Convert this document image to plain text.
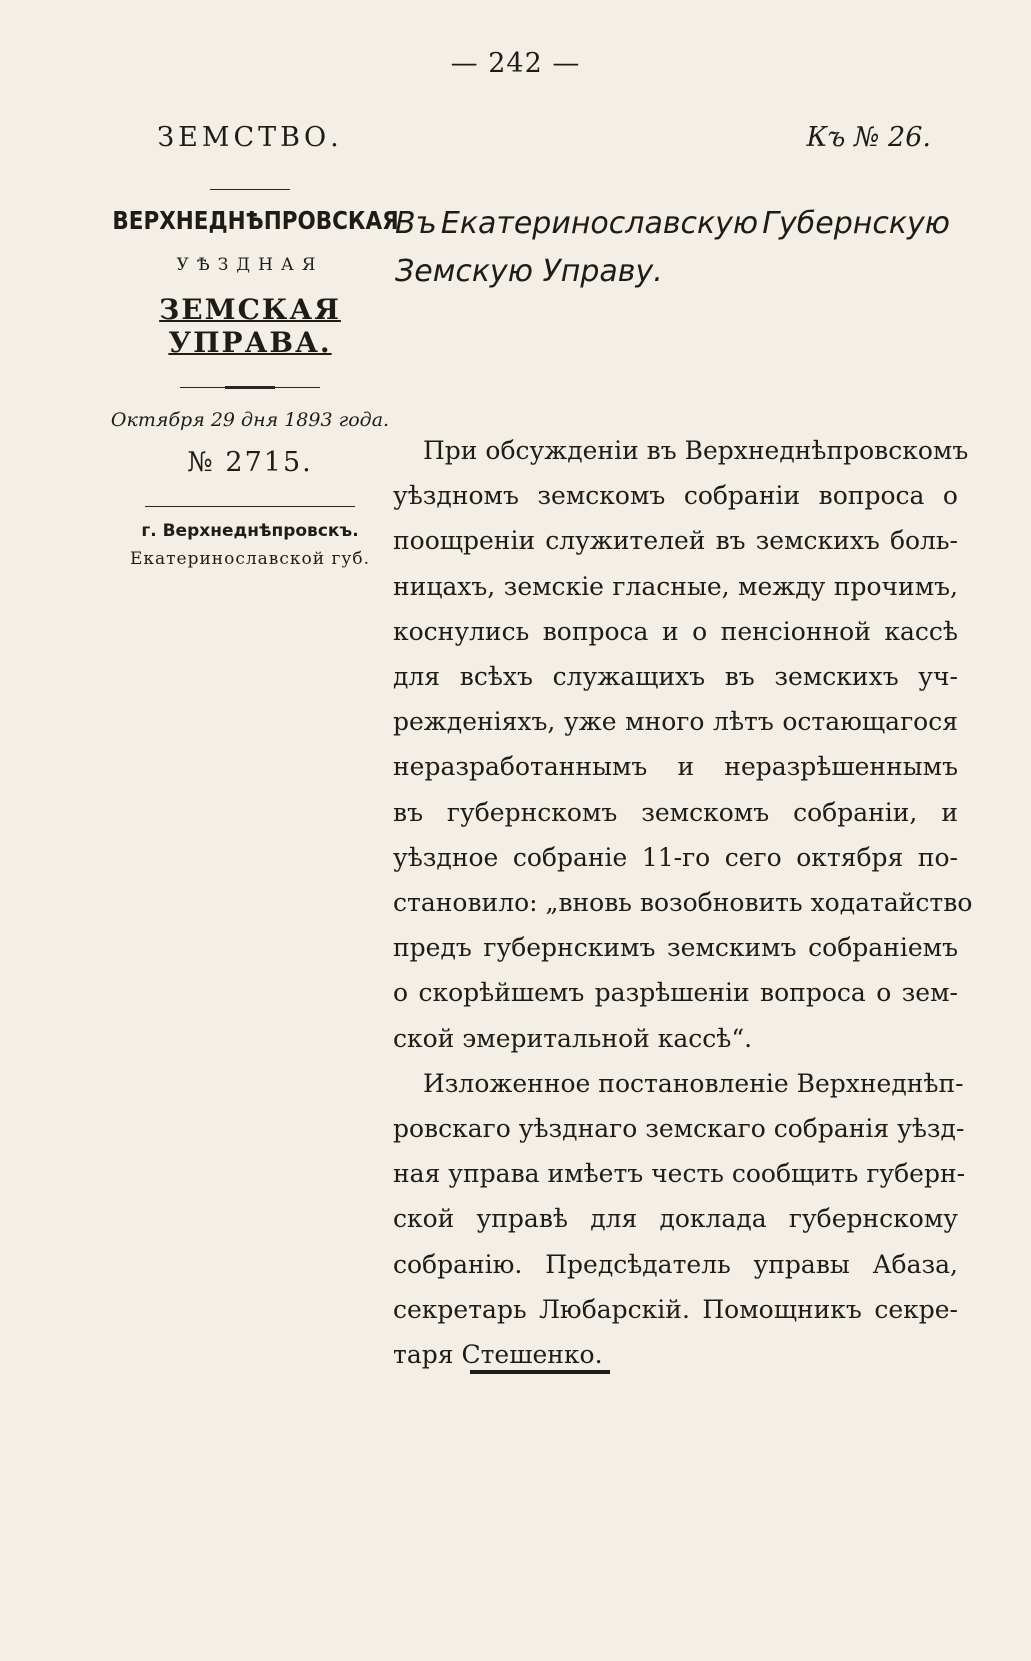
— 242 —
ЗЕМСТВО.
ВЕРХНЕДНѢПРОВСКАЯ
УѢЗДНАЯ
ЗЕМСКАЯ УПРАВА.
Октября 29 дня 1893 года.
№ 2715.
г. Верхнеднѣпровскъ.
Екатеринославской губ.
Къ № 26.
Въ Екатеринославскую Губернскую
Земскую Управу.

При обсужденіи въ Верхнеднѣпровскомъ
уѣздномъ земскомъ собраніи вопроса о
поощреніи служителей въ земскихъ боль-
ницахъ, земскіе гласные, между прочимъ,
коснулись вопроса и о пенсіонной кассѣ
для всѣхъ служащихъ въ земскихъ уч-
режденіяхъ, уже много лѣтъ остающагося
неразработаннымъ и неразрѣшеннымъ
въ губернскомъ земскомъ собраніи, и
уѣздное собраніе 11-го сего октября по-
становило: „вновь возобновить ходатайство
предъ губернскимъ земскимъ собраніемъ
о скорѣйшемъ разрѣшеніи вопроса о зем-
ской эмеритальной кассѣ“.

Изложенное постановленіе Верхнеднѣп-
ровскаго уѣзднаго земскаго собранія уѣзд-
ная управа имѣетъ честь сообщить губерн-
ской управѣ для доклада губернскому
собранію. Предсѣдатель управы Абаза,
секретарь Любарскій. Помощникъ секре-
таря Стешенко.
